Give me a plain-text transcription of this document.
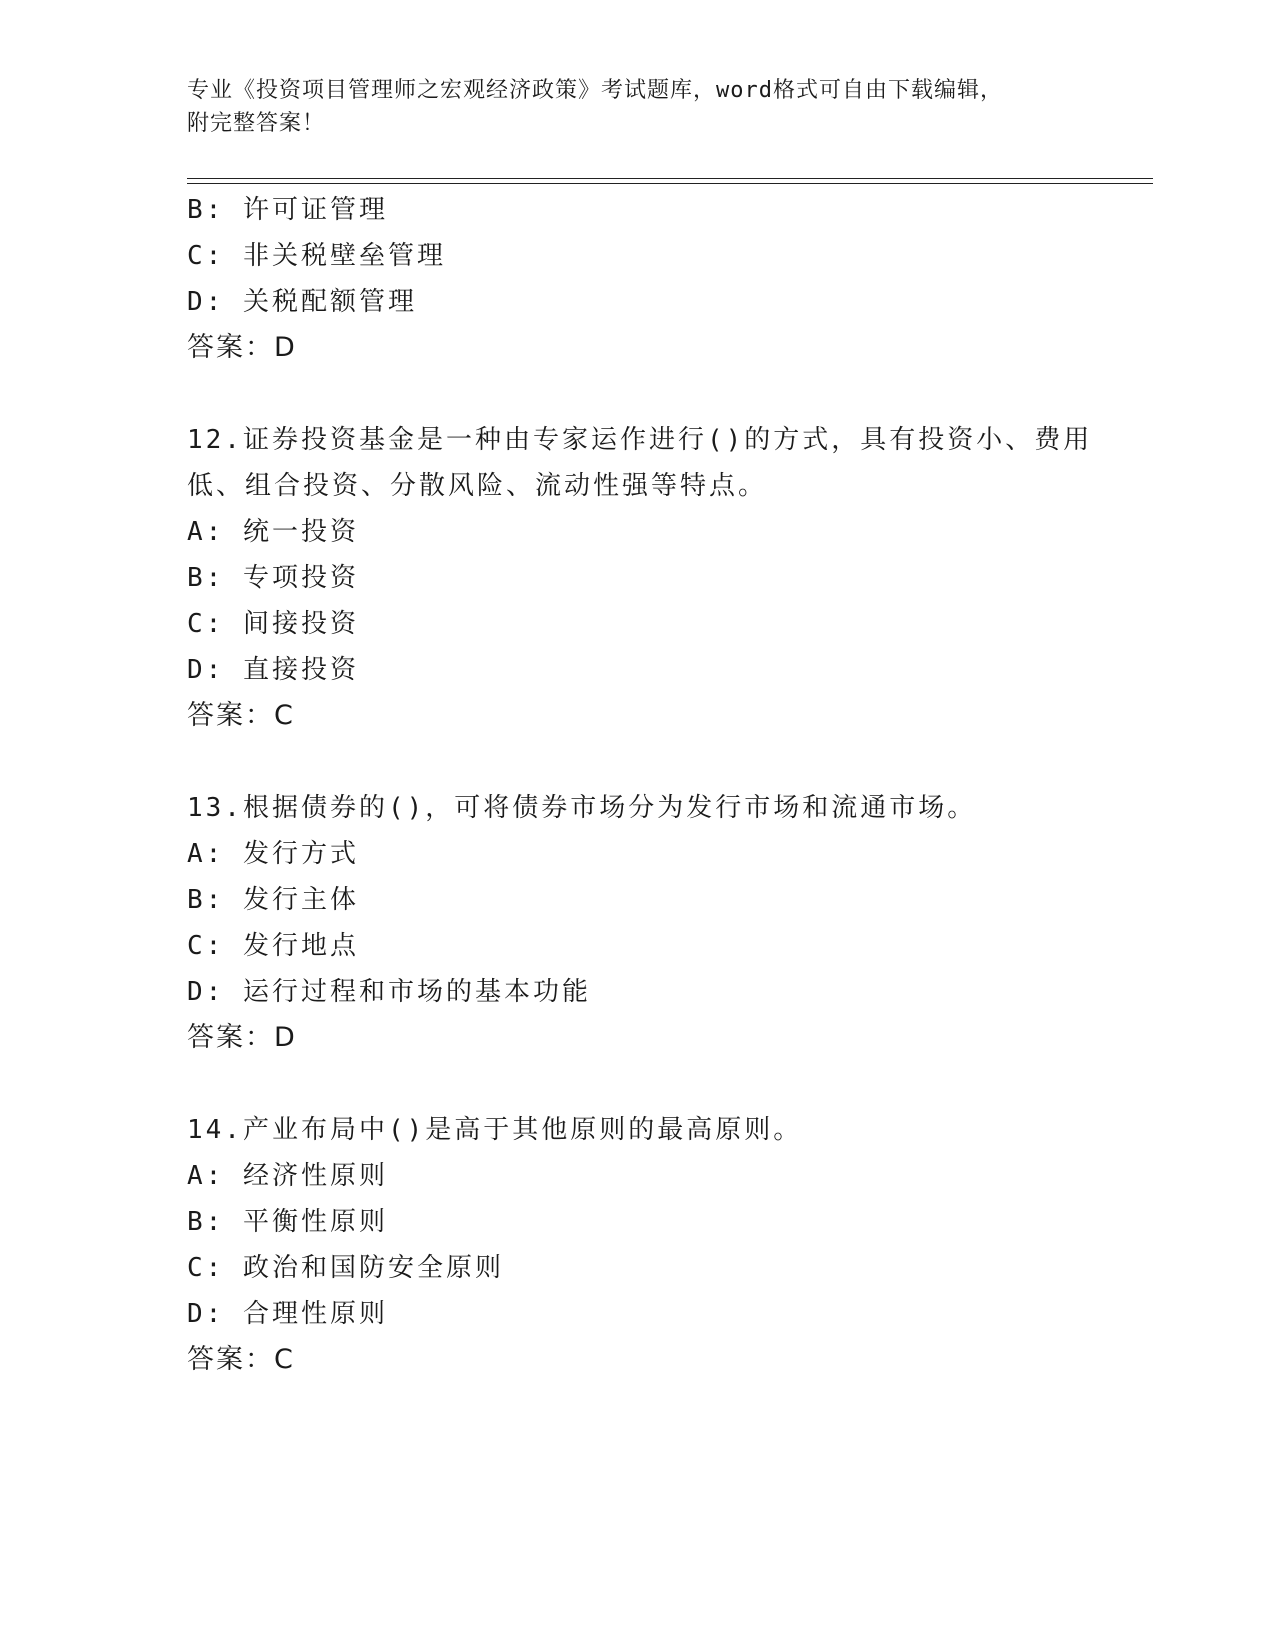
专业《投资项目管理师之宏观经济政策》考试题库，word格式可自由下载编辑，
附完整答案！
B: 许可证管理
C: 非关税壁垒管理
D: 关税配额管理
答案：D
12.证券投资基金是一种由专家运作进行()的方式，具有投资小、费用
低、组合投资、分散风险、流动性强等特点。
A: 统一投资
B: 专项投资
C: 间接投资
D: 直接投资
答案：C
13.根据债券的()，可将债券市场分为发行市场和流通市场。
A: 发行方式
B: 发行主体
C: 发行地点
D: 运行过程和市场的基本功能
答案：D
14.产业布局中()是高于其他原则的最高原则。
A: 经济性原则
B: 平衡性原则
C: 政治和国防安全原则
D: 合理性原则
答案：C
